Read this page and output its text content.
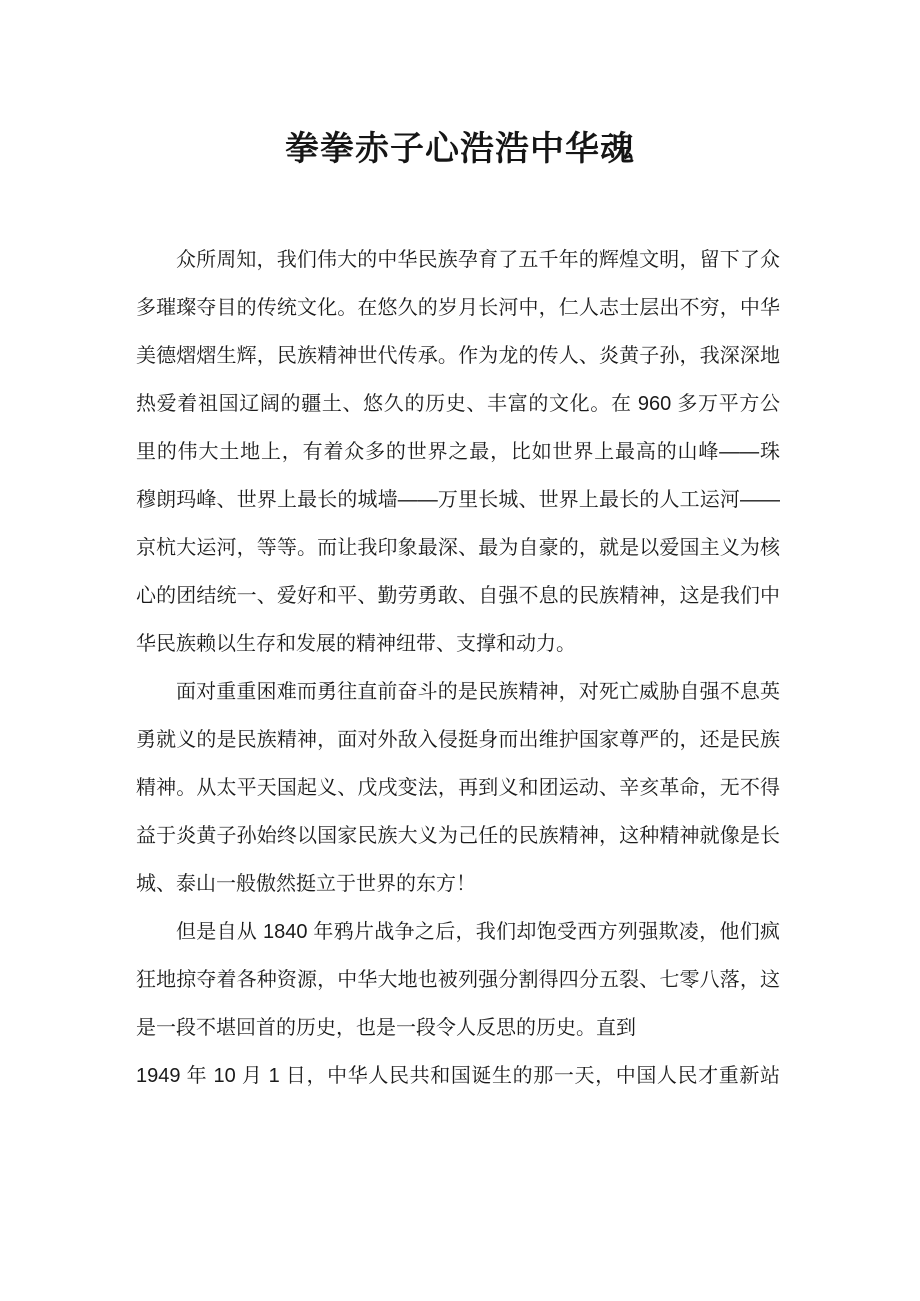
拳拳赤子心浩浩中华魂
众所周知，我们伟大的中华民族孕育了五千年的辉煌文明，留下了众
多璀璨夺目的传统文化。在悠久的岁月长河中，仁人志士层出不穷，中华
美德熠熠生辉，民族精神世代传承。作为龙的传人、炎黄子孙，我深深地
热爱着祖国辽阔的疆土、悠久的历史、丰富的文化。在 960 多万平方公
里的伟大土地上，有着众多的世界之最，比如世界上最高的山峰——珠
穆朗玛峰、世界上最长的城墙——万里长城、世界上最长的人工运河——
京杭大运河，等等。而让我印象最深、最为自豪的，就是以爱国主义为核
心的团结统一、爱好和平、勤劳勇敢、自强不息的民族精神，这是我们中
华民族赖以生存和发展的精神纽带、支撑和动力。
面对重重困难而勇往直前奋斗的是民族精神，对死亡威胁自强不息英
勇就义的是民族精神，面对外敌入侵挺身而出维护国家尊严的，还是民族
精神。从太平天国起义、戊戌变法，再到义和团运动、辛亥革命，无不得
益于炎黄子孙始终以国家民族大义为己任的民族精神，这种精神就像是长
城、泰山一般傲然挺立于世界的东方！
但是自从 1840 年鸦片战争之后，我们却饱受西方列强欺凌，他们疯
狂地掠夺着各种资源，中华大地也被列强分割得四分五裂、七零八落，这
是一段不堪回首的历史，也是一段令人反思的历史。直到
1949 年 10 月 1 日，中华人民共和国诞生的那一天，中国人民才重新站
